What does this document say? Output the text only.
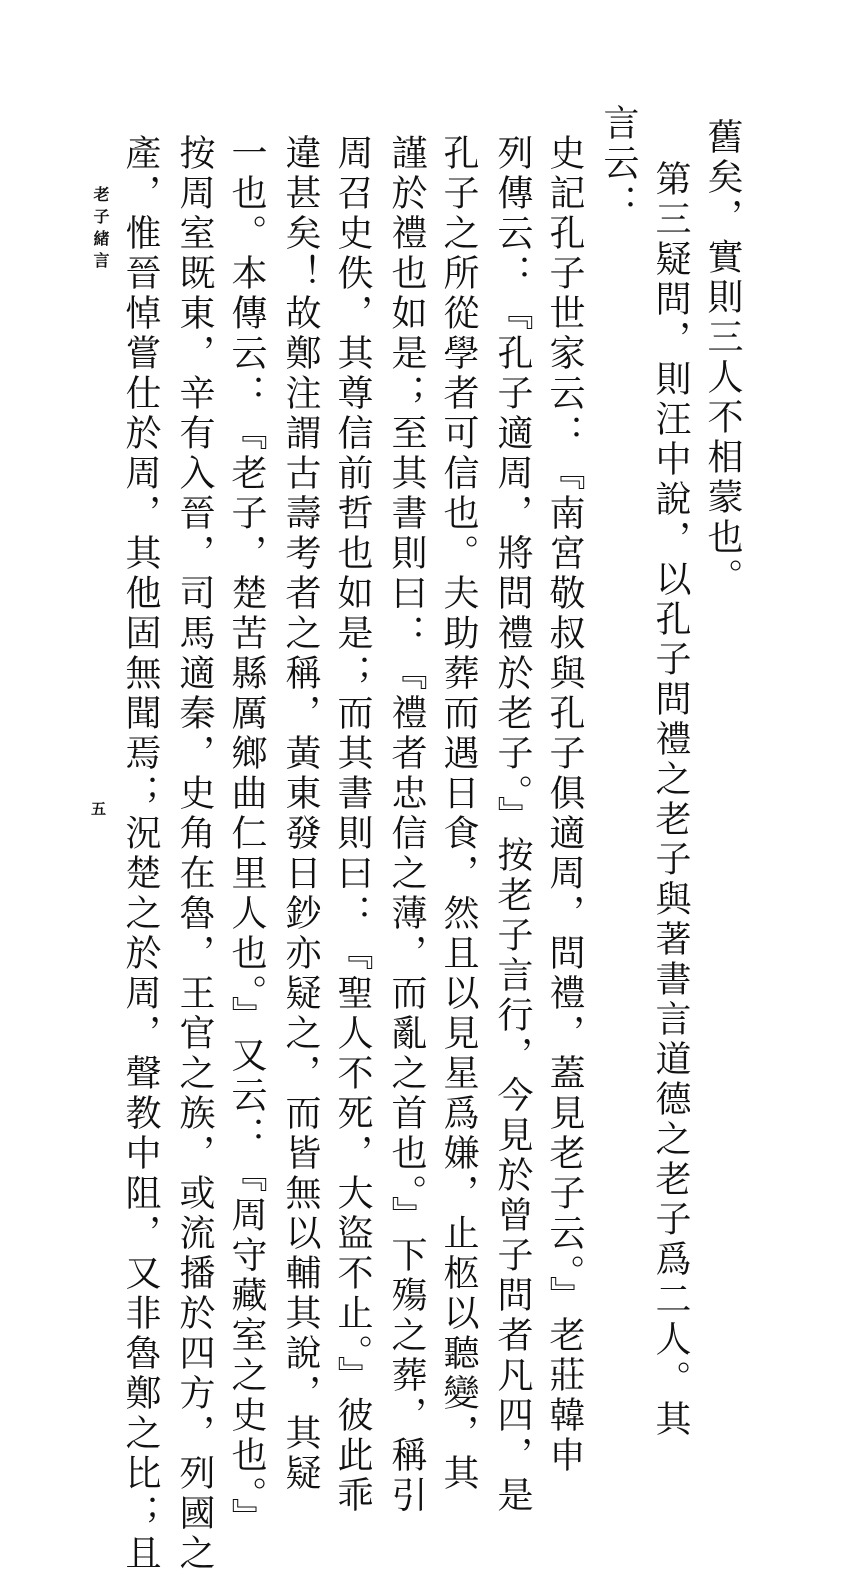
舊矣，實則三人不相蒙也。
第三疑問，則汪中說，以孔子問禮之老子與著書言道德之老子爲二人。其
言云：
史記孔子世家云：『南宮敬叔與孔子俱適周，問禮，蓋見老子云。』老莊韓申
列傳云：『孔子適周，將問禮於老子。』按老子言行，今見於曾子問者凡四，是
孔子之所從學者可信也。夫助葬而遇日食，然且以見星爲嫌，止柩以聽變，其
謹於禮也如是；至其書則曰：『禮者忠信之薄，而亂之首也。』下殤之葬，稱引
周召史佚，其尊信前哲也如是；而其書則曰：『聖人不死，大盜不止。』彼此乖
違甚矣！故鄭注謂古壽考者之稱，黃東發日鈔亦疑之，而皆無以輔其說，其疑
一也。本傳云：『老子，楚苦縣厲鄉曲仁里人也。』又云：『周守藏室之史也。』
按周室既東，辛有入晉，司馬適秦，史角在魯，王官之族，或流播於四方，列國之
產，惟晉悼嘗仕於周，其他固無聞焉；況楚之於周，聲教中阻，又非魯鄭之比；且
老子緒言
五
